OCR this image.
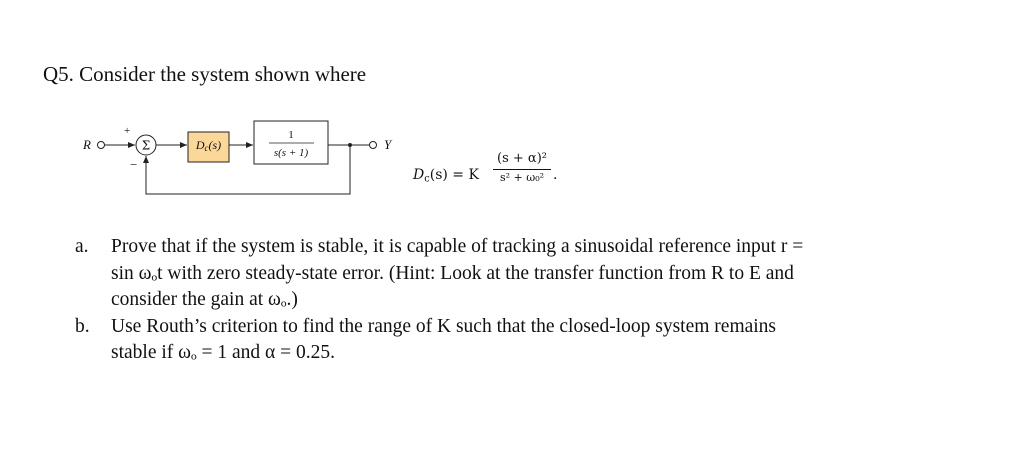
Q5. Consider the system shown where
R
+
Σ
−
Dc(s)
1
s(s + 1)
Y
$D_c(s) = K$
(s + α)²
s² + ω₀² .
a.	Prove that if the system is stable, it is capable of tracking a sinusoidal reference input r =
sin ωₒt with zero steady-state error. (Hint: Look at the transfer function from R to E and
consider the gain at ωₒ.)
b.	Use Routh’s criterion to find the range of K such that the closed-loop system remains
stable if ωₒ = 1 and α = 0.25.
